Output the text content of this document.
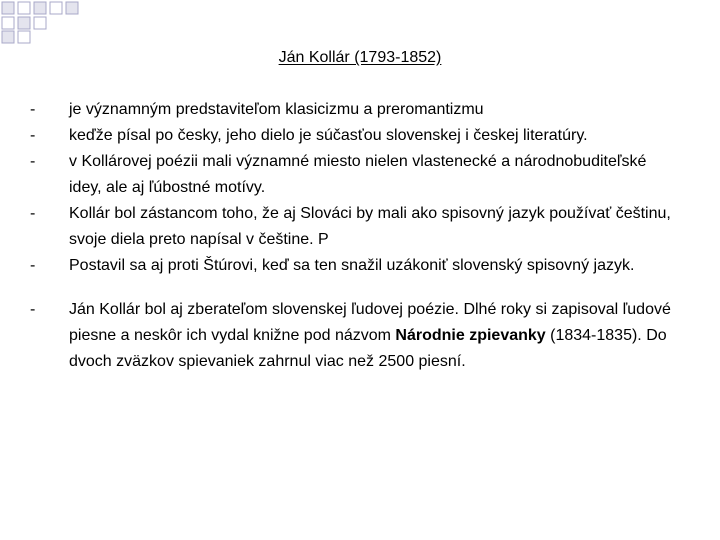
Ján Kollár (1793-1852)
- je významným predstaviteľom klasicizmu a preromantizmu
- keďže písal po česky, jeho dielo je súčasťou slovenskej i českej literatúry.
- v Kollárovej poézii mali významné miesto nielen vlastenecké a národnobuditeľské idey, ale aj ľúbostné motívy.
- Kollár bol zástancom toho, že aj Slováci by mali ako spisovný jazyk používať češtinu, svoje diela preto napísal v češtine. P
- Postavil sa aj proti Štúrovi, keď sa ten snažil uzákoniť slovenský spisovný jazyk.
- Ján Kollár bol aj zberateľom slovenskej ľudovej poézie. Dlhé roky si zapisoval ľudové piesne a neskôr ich vydal knižne pod názvom Národnie zpievanky (1834-1835). Do dvoch zväzkov spievaniek zahrnul viac než 2500 piesní.
